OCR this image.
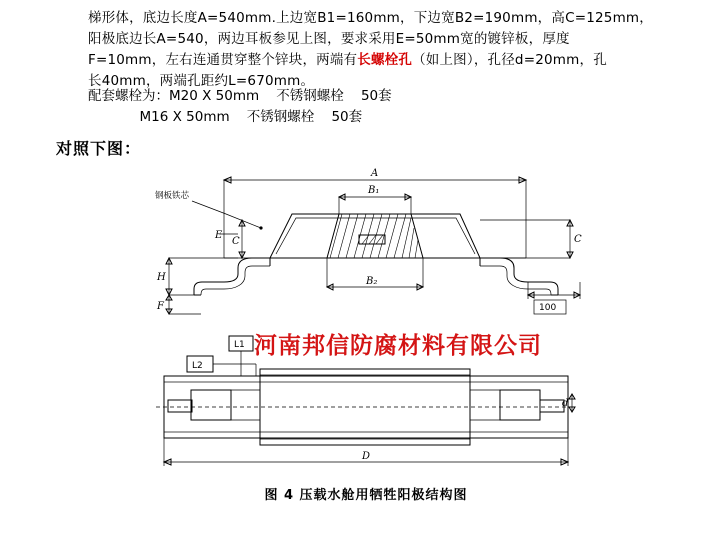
梯形体，底边长度A=540mm.上边宽B1=160mm，下边宽B2=190mm，高C=125mm，
阳极底边长A=540，两边耳板参见上图，要求采用E=50mm宽的镀锌板，厚度
F=10mm，左右连通贯穿整个锌块，两端有长螺栓孔（如上图），孔径d=20mm，孔
长40mm，两端孔距约L=670mm。
配套螺栓为：M20 X 50mm    不锈钢螺栓    50套
M16 X 50mm    不锈钢螺栓    50套
对照下图：
A
B₁
钢板铁芯
E
C	C
H
F
B₂
100
L1
L2
d
D
河南邦信防腐材料有限公司
图 4 压载水舱用牺牲阳极结构图
